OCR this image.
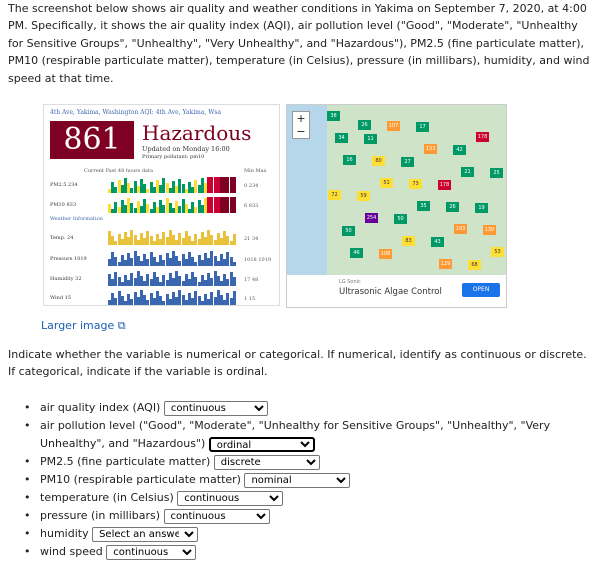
The screenshot below shows air quality and weather conditions in Yakima on September 7, 2020, at 4:00 PM. Specifically, it shows the air quality index (AQI), air pollution level ("Good", "Moderate", "Unhealthy for Sensitive Groups", "Unhealthy", "Very Unhealthy", and "Hazardous"), PM2.5 (fine particulate matter), PM10 (respirable particulate matter), temperature (in Celsius), pressure (in millibars), humidity, and wind speed at that time.
4th Ave, Yakima, Washington AQI: 4th Ave, Yakima, Wsa
861	Hazardous
Updated on Monday 16:00
Primary pollutant: pm10
Current Past 48 hours data	Min Max
PM2.5 234	0 234
PM10 833	6 833
Weather Information
Temp. 24	21 34
Pressure 1019	1018 1019
Humidity 32	17 48
Wind 15	1 15
+
−
38
11
27
178
19
50
108
17
42
25
59
50
43
68
34
80
73
26
130
46
107
133
21
72
254
83
129
178
16
51
35
103
53
26
LG Sonic
Ultrasonic Algae Control	OPEN
Larger image ⧉
Indicate whether the variable is numerical or categorical. If numerical, identify as continuous or discrete. If categorical, indicate if the variable is ordinal.
• air quality index (AQI)
continuous
• air pollution level ("Good", "Moderate", "Unhealthy for Sensitive Groups", "Unhealthy", "Very Unhealthy", and "Hazardous")
ordinal
• PM2.5 (fine particulate matter)
discrete
• PM10 (respirable particulate matter)
nominal
• temperature (in Celsius)
continuous
• pressure (in millibars)
continuous
• humidity
Select an answer
• wind speed
continuous
